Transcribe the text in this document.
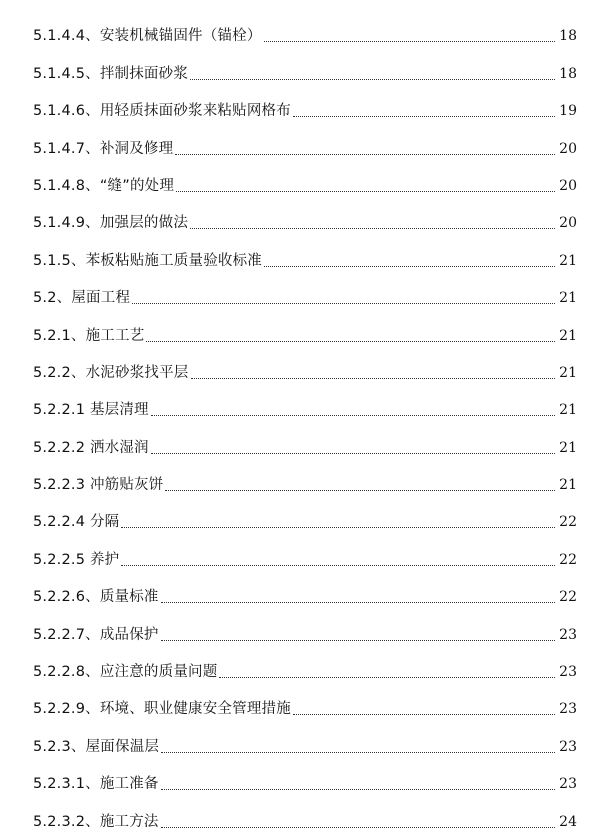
5.1.4.4、安装机械锚固件（锚栓）	18
5.1.4.5、拌制抹面砂浆	18
5.1.4.6、用轻质抹面砂浆来粘贴网格布	19
5.1.4.7、补洞及修理	20
5.1.4.8、“缝”的处理	20
5.1.4.9、加强层的做法	20
5.1.5、苯板粘贴施工质量验收标准	21
5.2、屋面工程	21
5.2.1、施工工艺	21
5.2.2、水泥砂浆找平层	21
5.2.2.1 基层清理	21
5.2.2.2 洒水湿润	21
5.2.2.3 冲筋贴灰饼	21
5.2.2.4 分隔	22
5.2.2.5 养护	22
5.2.2.6、质量标准	22
5.2.2.7、成品保护	23
5.2.2.8、应注意的质量问题	23
5.2.2.9、环境、职业健康安全管理措施	23
5.2.3、屋面保温层	23
5.2.3.1、施工准备	23
5.2.3.2、施工方法	24
